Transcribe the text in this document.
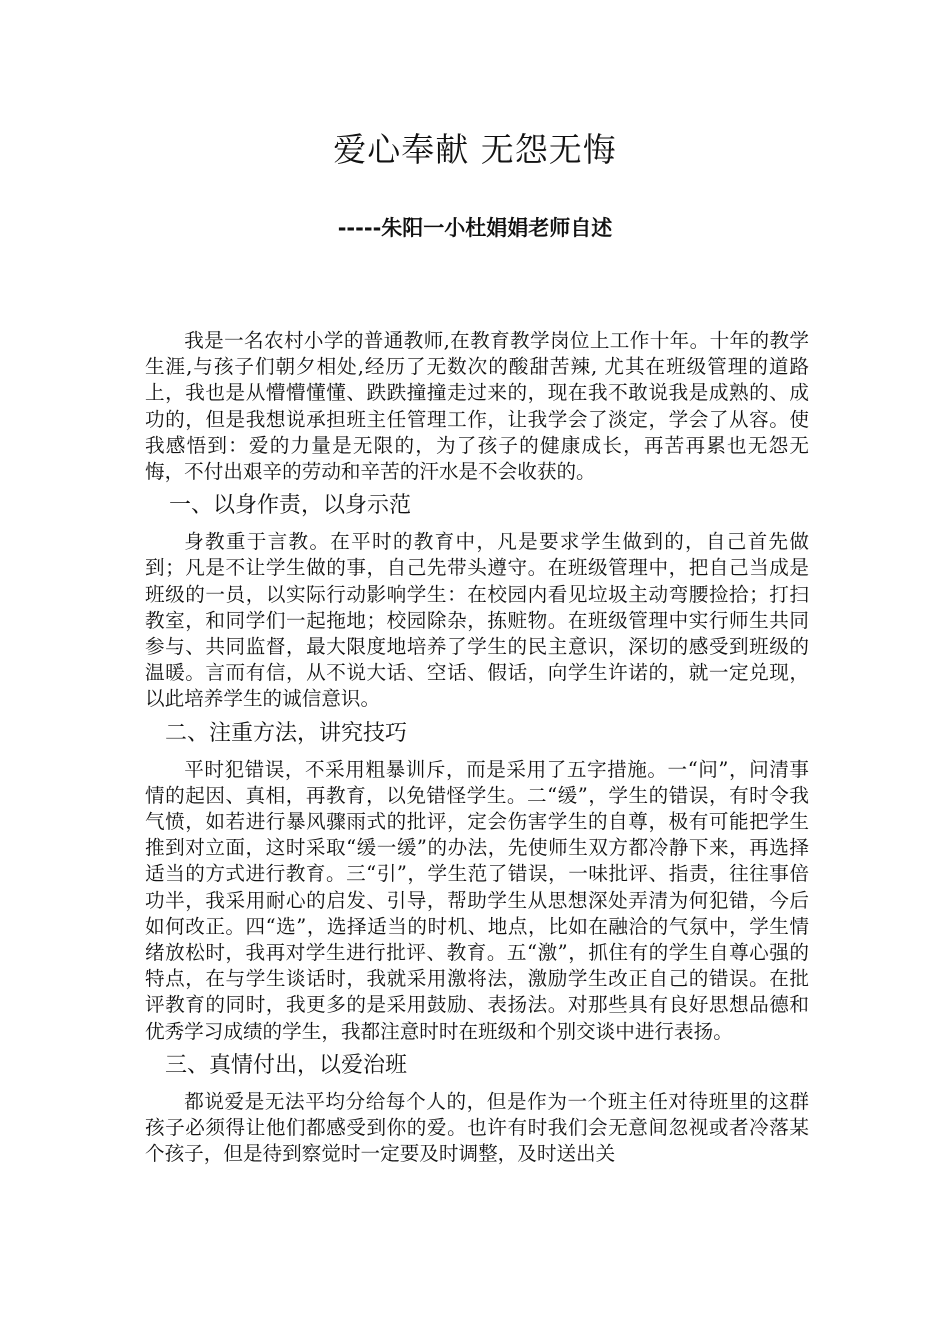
爱心奉献 无怨无悔
-----朱阳一小杜娟娟老师自述

我是一名农村小学的普通教师,在教育教学岗位上工作十年。十年的教学生涯,与孩子们朝夕相处,经历了无数次的酸甜苦辣, 尤其在班级管理的道路上，我也是从懵懵懂懂、跌跌撞撞走过来的，现在我不敢说我是成熟的、成功的，但是我想说承担班主任管理工作，让我学会了淡定，学会了从容。使我感悟到：爱的力量是无限的，为了孩子的健康成长，再苦再累也无怨无悔，不付出艰辛的劳动和辛苦的汗水是不会收获的。

一、以身作责，以身示范

身教重于言教。在平时的教育中，凡是要求学生做到的，自己首先做到；凡是不让学生做的事，自己先带头遵守。在班级管理中，把自己当成是班级的一员，以实际行动影响学生：在校园内看见垃圾主动弯腰捡拾；打扫教室，和同学们一起拖地；校园除杂，拣赃物。在班级管理中实行师生共同参与、共同监督，最大限度地培养了学生的民主意识，深切的感受到班级的温暖。言而有信，从不说大话、空话、假话，向学生许诺的，就一定兑现，以此培养学生的诚信意识。

二、注重方法，讲究技巧

平时犯错误，不采用粗暴训斥，而是采用了五字措施。一“问”，问清事情的起因、真相，再教育，以免错怪学生。二“缓”，学生的错误，有时令我气愤，如若进行暴风骤雨式的批评，定会伤害学生的自尊，极有可能把学生推到对立面，这时采取“缓一缓”的办法，先使师生双方都冷静下来，再选择适当的方式进行教育。三“引”，学生范了错误，一味批评、指责，往往事倍功半，我采用耐心的启发、引导，帮助学生从思想深处弄清为何犯错，今后如何改正。四“选”，选择适当的时机、地点，比如在融洽的气氛中，学生情绪放松时，我再对学生进行批评、教育。五“激”，抓住有的学生自尊心强的特点，在与学生谈话时，我就采用激将法，激励学生改正自己的错误。在批评教育的同时，我更多的是采用鼓励、表扬法。对那些具有良好思想品德和优秀学习成绩的学生，我都注意时时在班级和个别交谈中进行表扬。

三、真情付出，以爱治班

都说爱是无法平均分给每个人的，但是作为一个班主任对待班里的这群孩子必须得让他们都感受到你的爱。也许有时我们会无意间忽视或者冷落某个孩子，但是待到察觉时一定要及时调整，及时送出关
